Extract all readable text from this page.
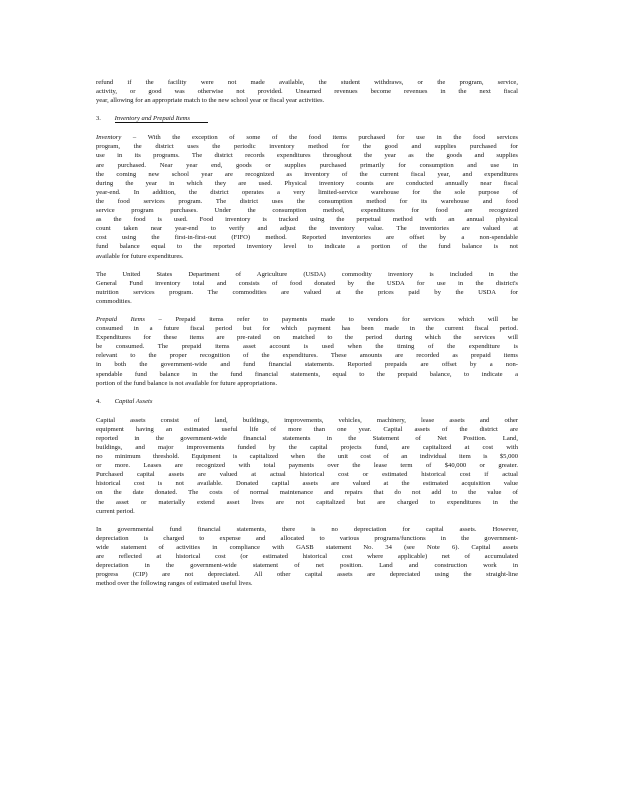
refund if the facility were not made available, the student withdraws, or the program, service,
activity, or good was otherwise not provided. Unearned revenues become revenues in the next fiscal
year, allowing for an appropriate match to the new school year or fiscal year activities.
3. Inventory and Prepaid Items
Inventory – With the exception of some of the food items purchased for use in the food services
program, the district uses the periodic inventory method for the good and supplies purchased for
use in its programs. The district records expenditures throughout the year as the goods and supplies
are purchased. Near year end, goods or supplies purchased primarily for consumption and use in
the coming new school year are recognized as inventory of the current fiscal year, and expenditures
during the year in which they are used. Physical inventory counts are conducted annually near fiscal
year-end. In addition, the district operates a very limited-service warehouse for the sole purpose of
the food services program. The district uses the consumption method for its warehouse and food
service program purchases. Under the consumption method, expenditures for food are recognized
as the food is used. Food inventory is tracked using the perpetual method with an annual physical
count taken near year-end to verify and adjust the inventory value. The inventories are valued at
cost using the first-in-first-out (FIFO) method. Reported inventories are offset by a non-spendable
fund balance equal to the reported inventory level to indicate a portion of the fund balance is not
available for future expenditures.
The United States Department of Agriculture (USDA) commodity inventory is included in the
General Fund inventory total and consists of food donated by the USDA for use in the district's
nutrition services program. The commodities are valued at the prices paid by the USDA for
commodities.
Prepaid Items – Prepaid items refer to payments made to vendors for services which will be
consumed in a future fiscal period but for which payment has been made in the current fiscal period.
Expenditures for these items are pre-rated on matched to the period during which the services will
be consumed. The prepaid items asset account is used when the timing of the expenditure is
relevant to the proper recognition of the expenditures. These amounts are recorded as prepaid items
in both the government-wide and fund financial statements. Reported prepaids are offset by a non-
spendable fund balance in the fund financial statements, equal to the prepaid balance, to indicate a
portion of the fund balance is not available for future appropriations.
4. Capital Assets
Capital assets consist of land, buildings, improvements, vehicles, machinery, lease assets and other
equipment having an estimated useful life of more than one year. Capital assets of the district are
reported in the government-wide financial statements in the Statement of Net Position. Land,
buildings, and major improvements funded by the capital projects fund, are capitalized at cost with
no minimum threshold. Equipment is capitalized when the unit cost of an individual item is $5,000
or more. Leases are recognized with total payments over the lease term of $40,000 or greater.
Purchased capital assets are valued at actual historical cost or estimated historical cost if actual
historical cost is not available. Donated capital assets are valued at the estimated acquisition value
on the date donated. The costs of normal maintenance and repairs that do not add to the value of
the asset or materially extend asset lives are not capitalized but are charged to expenditures in the
current period.
In governmental fund financial statements, there is no depreciation for capital assets. However,
depreciation is charged to expense and allocated to various programs/functions in the government-
wide statement of activities in compliance with GASB statement No. 34 (see Note 6). Capital assets
are reflected at historical cost (or estimated historical cost where applicable) net of accumulated
depreciation in the government-wide statement of net position. Land and construction work in
progress (CIP) are not depreciated. All other capital assets are depreciated using the straight-line
method over the following ranges of estimated useful lives.
